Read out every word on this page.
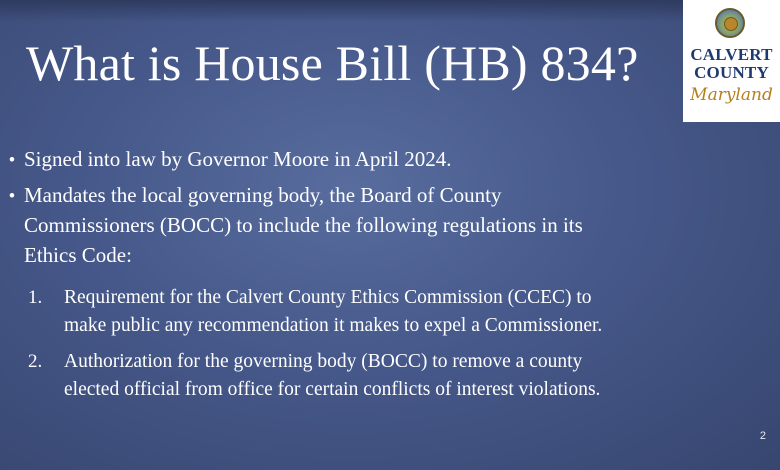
What is House Bill (HB) 834?	CALVERT
COUNTY
Maryland
• Signed into law by Governor Moore in April 2024.
• Mandates the local governing body, the Board of County
Commissioners (BOCC) to include the following regulations in its
Ethics Code:
1. Requirement for the Calvert County Ethics Commission (CCEC) to
make public any recommendation it makes to expel a Commissioner.
2. Authorization for the governing body (BOCC) to remove a county
elected official from office for certain conflicts of interest violations.
2
